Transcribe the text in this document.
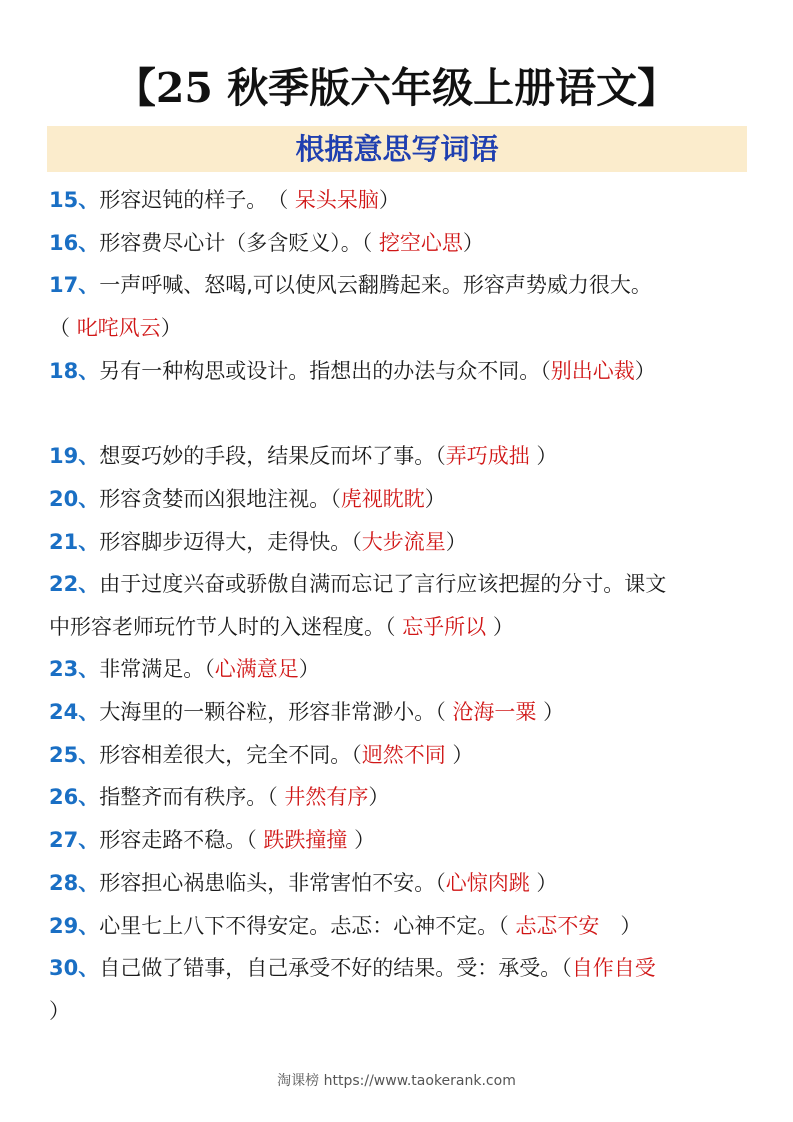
【25 秋季版六年级上册语文】
根据意思写词语
15、形容迟钝的样子。　（ 呆头呆脑）
16、形容费尽心计（多含贬义）。（ 挖空心思）
17、一声呼喊、怒喝,可以使风云翻腾起来。形容声势威力很大。
（ 叱咤风云）
18、另有一种构思或设计。指想出的办法与众不同。（别出心裁）
19、想耍巧妙的手段，结果反而坏了事。（弄巧成拙 ）
20、形容贪婪而凶狠地注视。（虎视眈眈）
21、形容脚步迈得大，走得快。（大步流星）
22、由于过度兴奋或骄傲自满而忘记了言行应该把握的分寸。课文
中形容老师玩竹节人时的入迷程度。（ 忘乎所以 ）
23、非常满足。（心满意足）
24、大海里的一颗谷粒，形容非常渺小。（ 沧海一粟 ）
25、形容相差很大，完全不同。（迥然不同 ）
26、指整齐而有秩序。（ 井然有序）
27、形容走路不稳。（ 跌跌撞撞 ）
28、形容担心祸患临头，非常害怕不安。（心惊肉跳 ）
29、心里七上八下不得安定。忐忑：心神不定。（ 忐忑不安　）
30、自己做了错事，自己承受不好的结果。受：承受。（自作自受
）
淘课榜 https://www.taokerank.com
